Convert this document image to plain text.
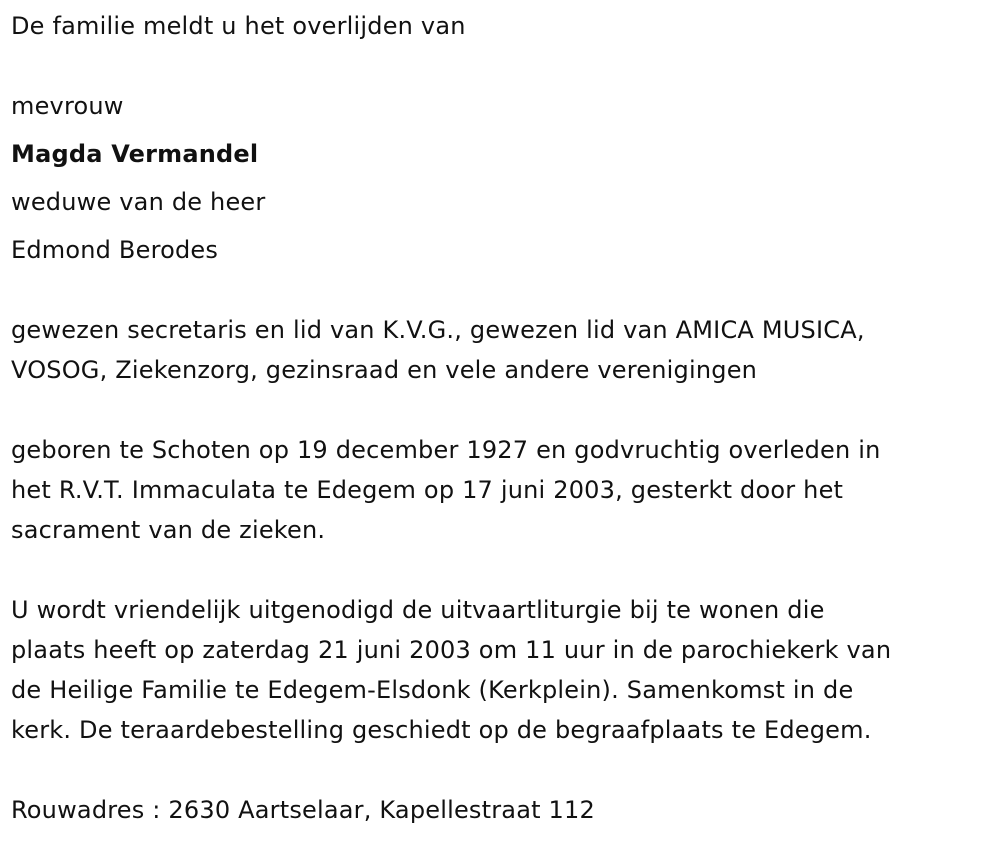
De familie meldt u het overlijden van
mevrouw
Magda Vermandel
weduwe van de heer
Edmond Berodes
gewezen secretaris en lid van K.V.G., gewezen lid van AMICA MUSICA,
VOSOG, Ziekenzorg, gezinsraad en vele andere verenigingen
geboren te Schoten op 19 december 1927 en godvruchtig overleden in
het R.V.T. Immaculata te Edegem op 17 juni 2003, gesterkt door het
sacrament van de zieken.
U wordt vriendelijk uitgenodigd de uitvaartliturgie bij te wonen die
plaats heeft op zaterdag 21 juni 2003 om 11 uur in de parochiekerk van
de Heilige Familie te Edegem-Elsdonk (Kerkplein). Samenkomst in de
kerk. De teraardebestelling geschiedt op de begraafplaats te Edegem.
Rouwadres : 2630 Aartselaar, Kapellestraat 112
